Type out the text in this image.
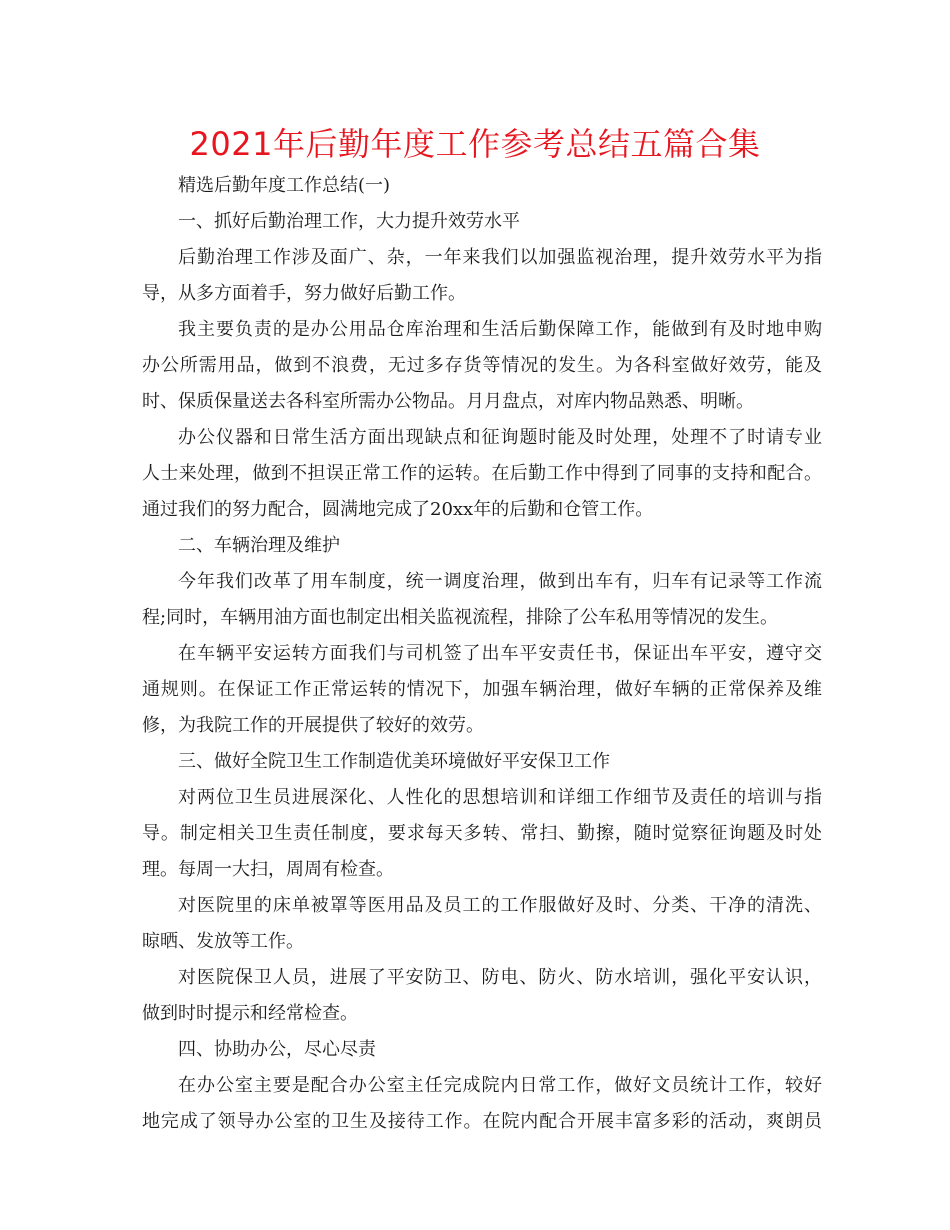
2021年后勤年度工作参考总结五篇合集
精选后勤年度工作总结(一)
一、抓好后勤治理工作，大力提升效劳水平
后勤治理工作涉及面广、杂，一年来我们以加强监视治理，提升效劳水平为指
导，从多方面着手，努力做好后勤工作。
我主要负责的是办公用品仓库治理和生活后勤保障工作，能做到有及时地申购
办公所需用品，做到不浪费，无过多存货等情况的发生。为各科室做好效劳，能及
时、保质保量送去各科室所需办公物品。月月盘点，对库内物品熟悉、明晰。
办公仪器和日常生活方面出现缺点和征询题时能及时处理，处理不了时请专业
人士来处理，做到不担误正常工作的运转。在后勤工作中得到了同事的支持和配合。
通过我们的努力配合，圆满地完成了20xx年的后勤和仓管工作。
二、车辆治理及维护
今年我们改革了用车制度，统一调度治理，做到出车有，归车有记录等工作流
程;同时，车辆用油方面也制定出相关监视流程，排除了公车私用等情况的发生。
在车辆平安运转方面我们与司机签了出车平安责任书，保证出车平安，遵守交
通规则。在保证工作正常运转的情况下，加强车辆治理，做好车辆的正常保养及维
修，为我院工作的开展提供了较好的效劳。
三、做好全院卫生工作制造优美环境做好平安保卫工作
对两位卫生员进展深化、人性化的思想培训和详细工作细节及责任的培训与指
导。制定相关卫生责任制度，要求每天多转、常扫、勤擦，随时觉察征询题及时处
理。每周一大扫，周周有检查。
对医院里的床单被罩等医用品及员工的工作服做好及时、分类、干净的清洗、
晾晒、发放等工作。
对医院保卫人员，进展了平安防卫、防电、防火、防水培训，强化平安认识，
做到时时提示和经常检查。
四、协助办公，尽心尽责
在办公室主要是配合办公室主任完成院内日常工作，做好文员统计工作，较好
地完成了领导办公室的卫生及接待工作。在院内配合开展丰富多彩的活动，爽朗员
